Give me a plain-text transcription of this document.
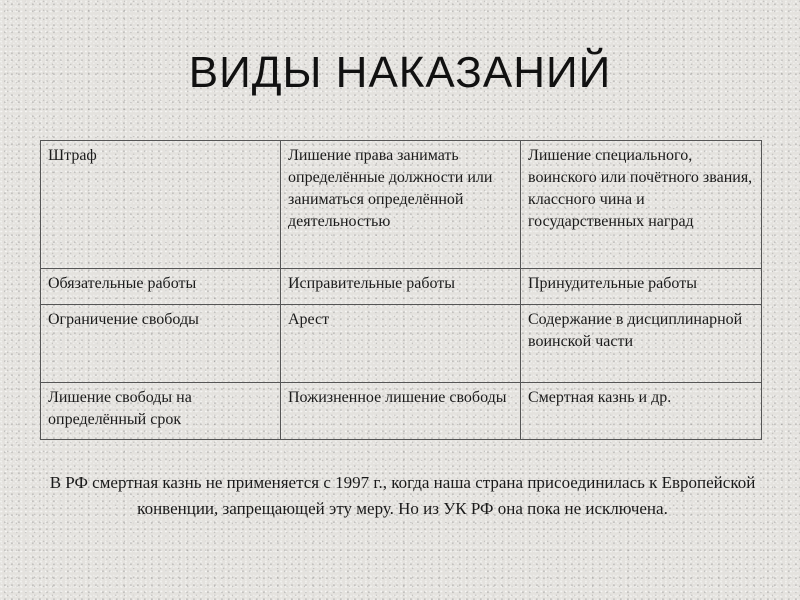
ВИДЫ НАКАЗАНИЙ
Штраф	Лишение права занимать определённые должности или заниматься определённой деятельностью	Лишение специального, воинского или почётного звания, классного чина и государственных наград
Обязательные работы	Исправительные работы	Принудительные работы
Ограничение свободы	Арест	Содержание в дисциплинарной воинской части
Лишение свободы на определённый срок	Пожизненное лишение свободы	Смертная казнь и др.

В РФ смертная казнь не применяется с 1997 г., когда наша страна присоединилась к Европейской конвенции, запрещающей эту меру. Но из УК РФ она пока не исключена.
